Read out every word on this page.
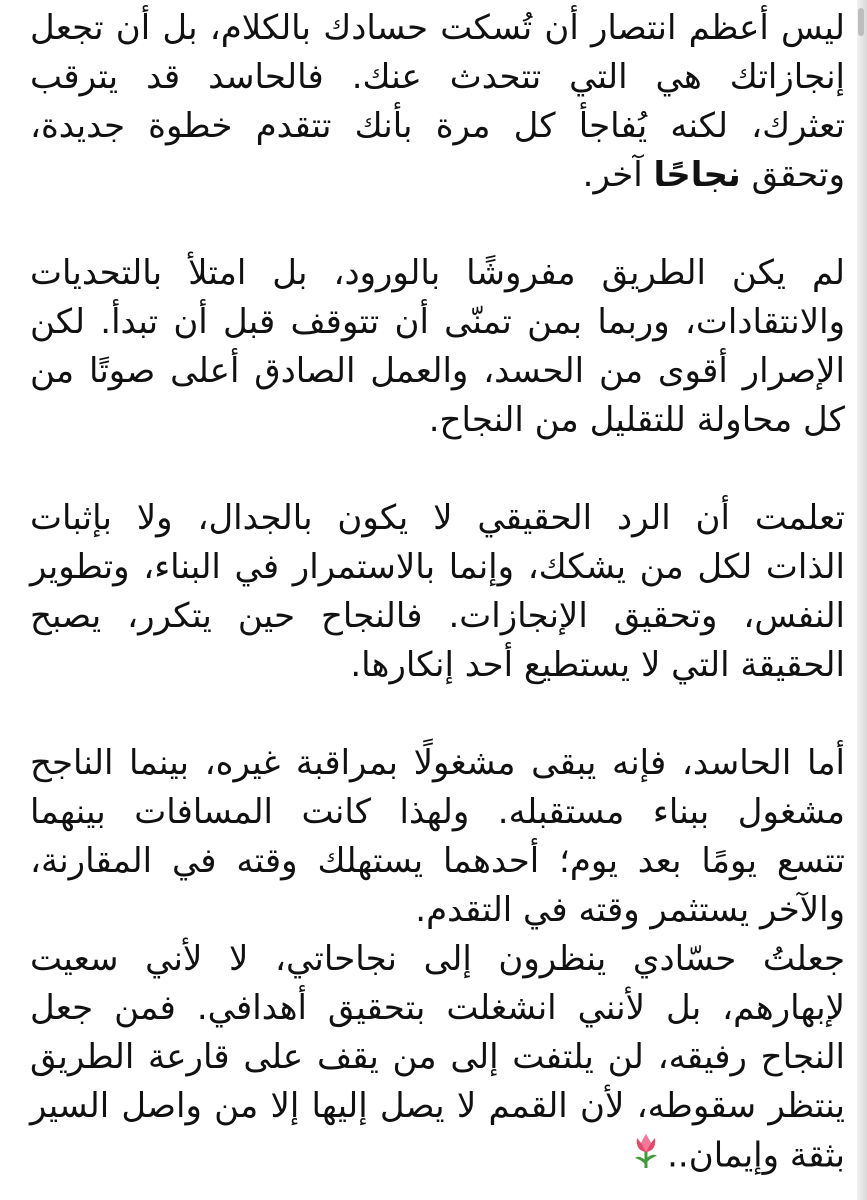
ليس أعظم انتصار أن تُسكت حسادك بالكلام، بل أن تجعل
إنجازاتك هي التي تتحدث عنك. فالحاسد قد يترقب
تعثرك، لكنه يُفاجأ كل مرة بأنك تتقدم خطوة جديدة،
وتحقق نجاحًا آخر.

لم يكن الطريق مفروشًا بالورود، بل امتلأ بالتحديات
والانتقادات، وربما بمن تمنّى أن تتوقف قبل أن تبدأ. لكن
الإصرار أقوى من الحسد، والعمل الصادق أعلى صوتًا من
كل محاولة للتقليل من النجاح.

تعلمت أن الرد الحقيقي لا يكون بالجدال، ولا بإثبات
الذات لكل من يشكك، وإنما بالاستمرار في البناء، وتطوير
النفس، وتحقيق الإنجازات. فالنجاح حين يتكرر، يصبح
الحقيقة التي لا يستطيع أحد إنكارها.

أما الحاسد، فإنه يبقى مشغولًا بمراقبة غيره، بينما الناجح
مشغول ببناء مستقبله. ولهذا كانت المسافات بينهما
تتسع يومًا بعد يوم؛ أحدهما يستهلك وقته في المقارنة،
والآخر يستثمر وقته في التقدم.

جعلتُ حسّادي ينظرون إلى نجاحاتي، لا لأني سعيت
لإبهارهم، بل لأنني انشغلت بتحقيق أهدافي. فمن جعل
النجاح رفيقه، لن يلتفت إلى من يقف على قارعة الطريق
ينتظر سقوطه، لأن القمم لا يصل إليها إلا من واصل السير
بثقة وإيمان..
